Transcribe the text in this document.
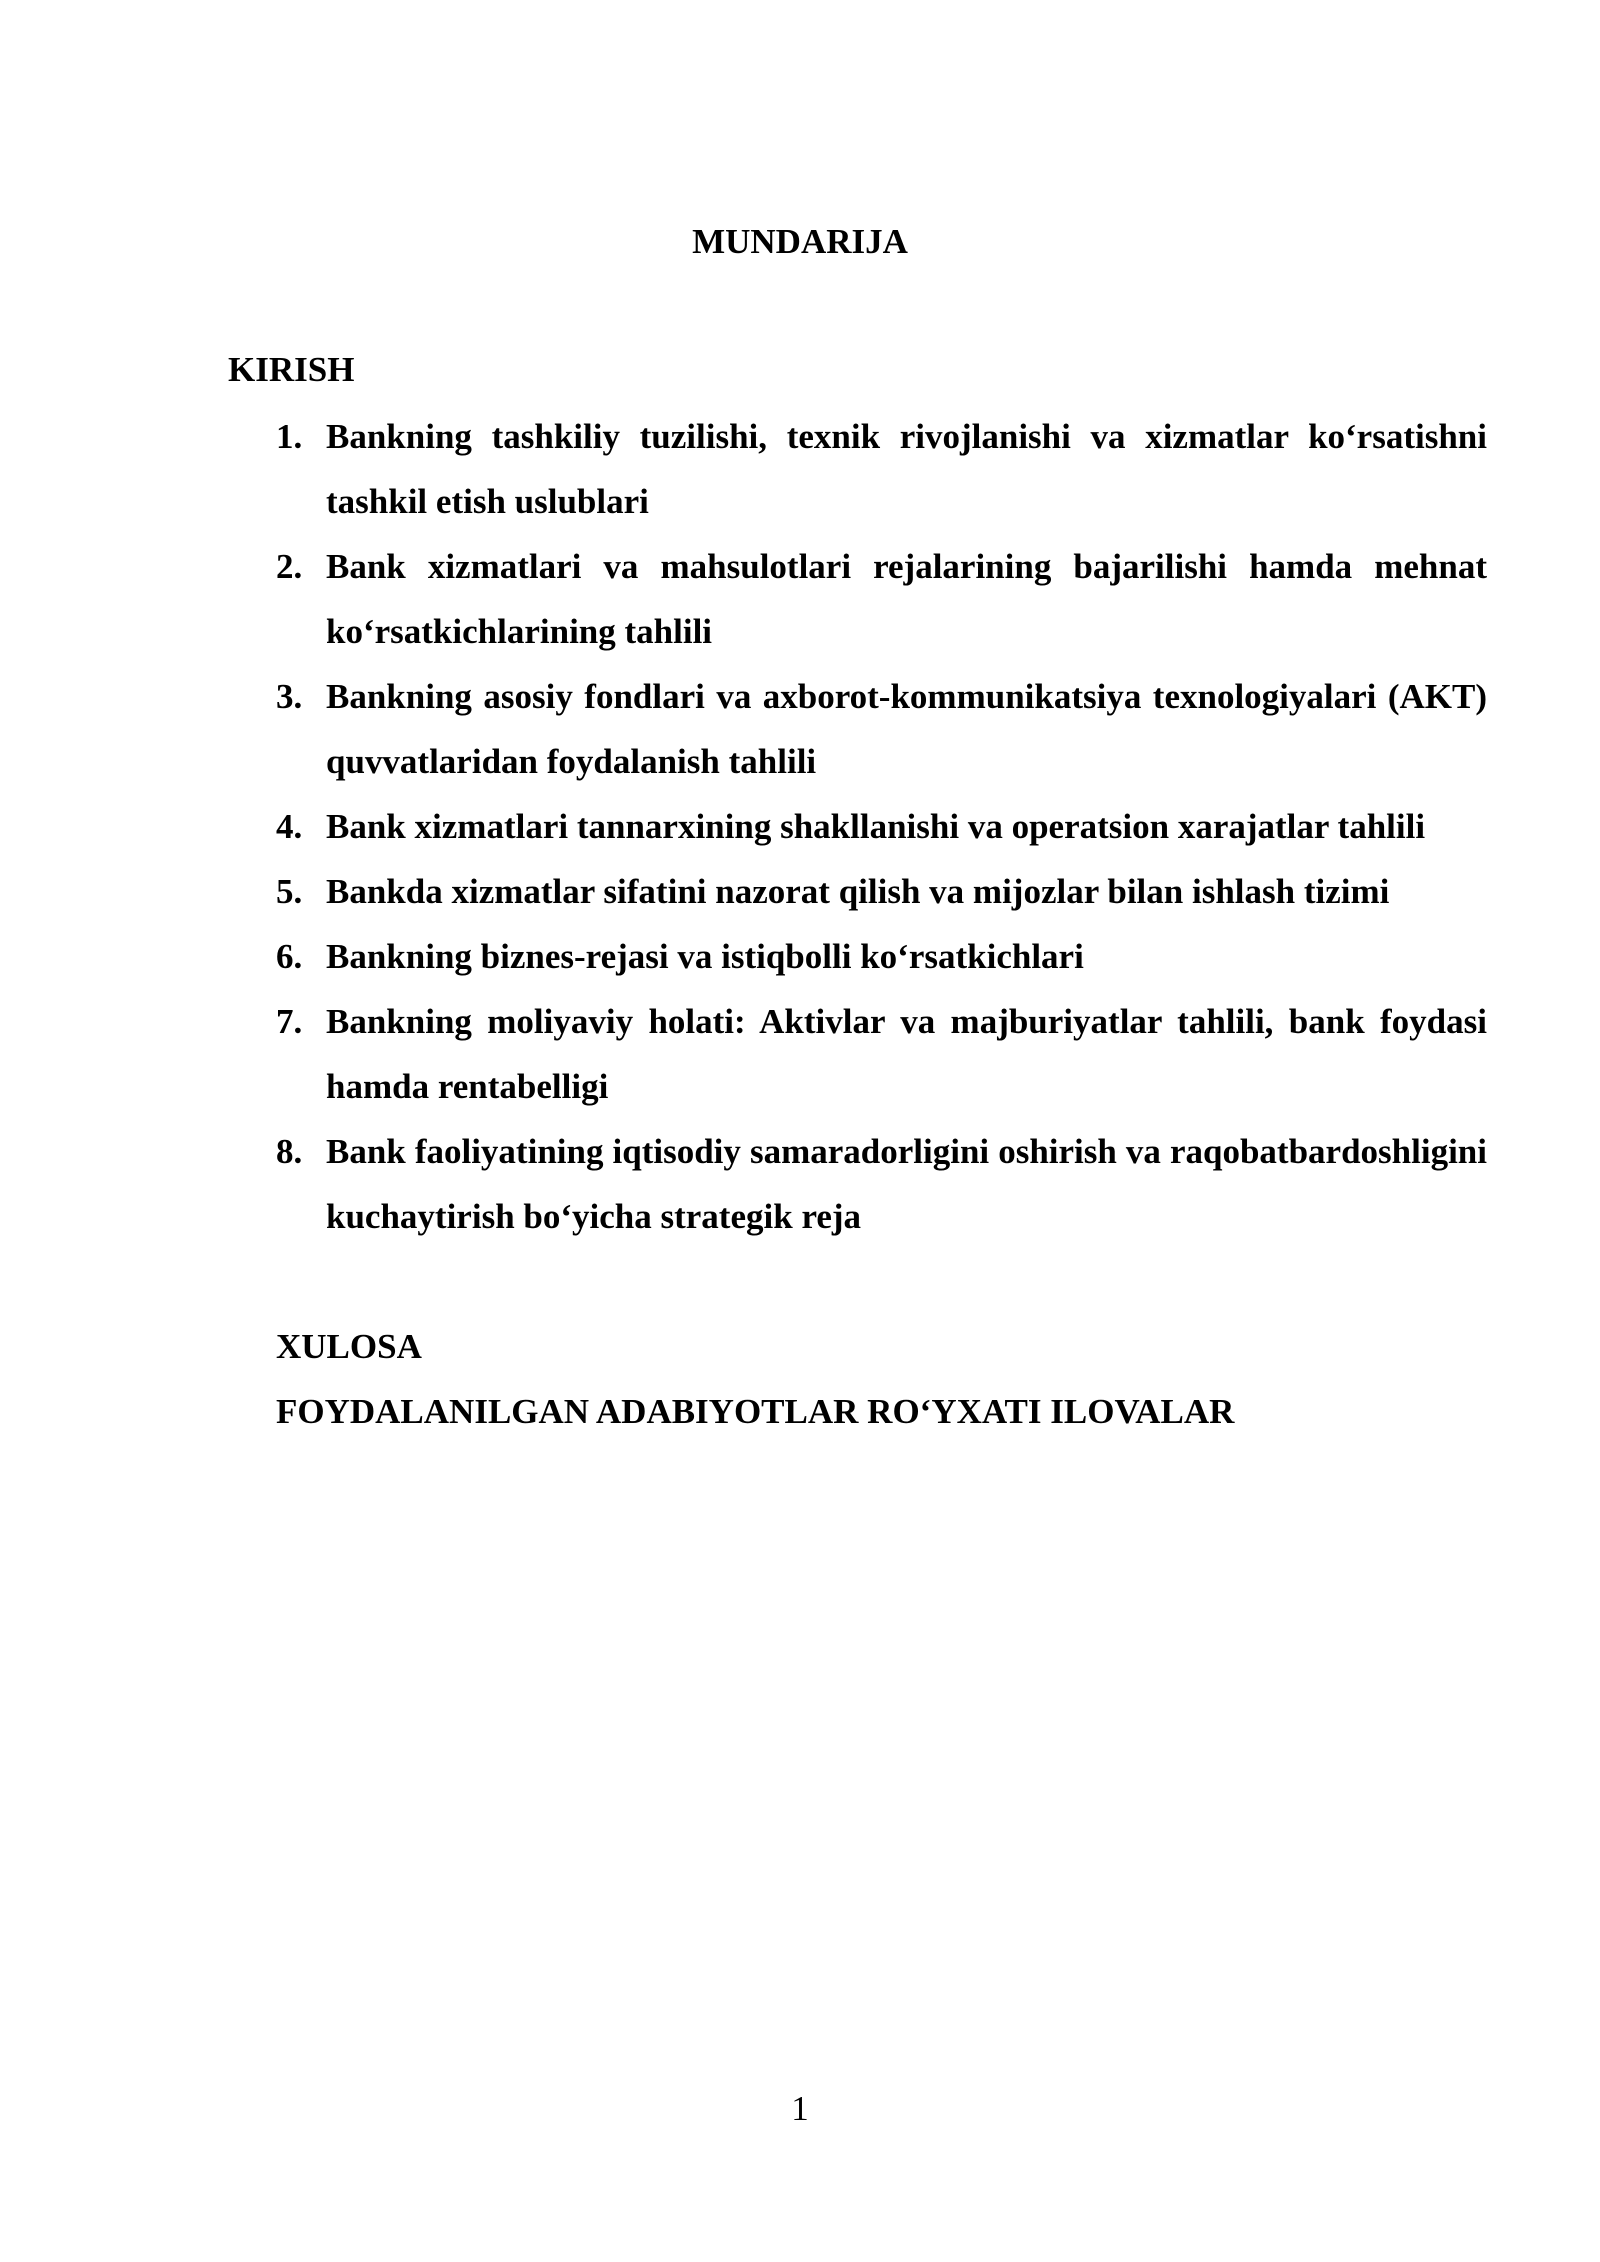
MUNDARIJA
KIRISH
1. Bankning tashkiliy tuzilishi, texnik rivojlanishi va xizmatlar ko‘rsatishni tashkil etish uslublari
2. Bank xizmatlari va mahsulotlari rejalarining bajarilishi hamda mehnat ko‘rsatkichlarining tahlili
3. Bankning asosiy fondlari va axborot-kommunikatsiya texnologiyalari (AKT) quvvatlaridan foydalanish tahlili
4. Bank xizmatlari tannarxining shakllanishi va operatsion xarajatlar tahlili
5. Bankda xizmatlar sifatini nazorat qilish va mijozlar bilan ishlash tizimi
6. Bankning biznes-rejasi va istiqbolli ko‘rsatkichlari
7. Bankning moliyaviy holati: Aktivlar va majburiyatlar tahlili, bank foydasi hamda rentabelligi
8. Bank faoliyatining iqtisodiy samaradorligini oshirish va raqobatbardoshligini kuchaytirish bo‘yicha strategik reja
XULOSA
FOYDALANILGAN ADABIYOTLAR RO‘YXATI ILOVALAR
1
